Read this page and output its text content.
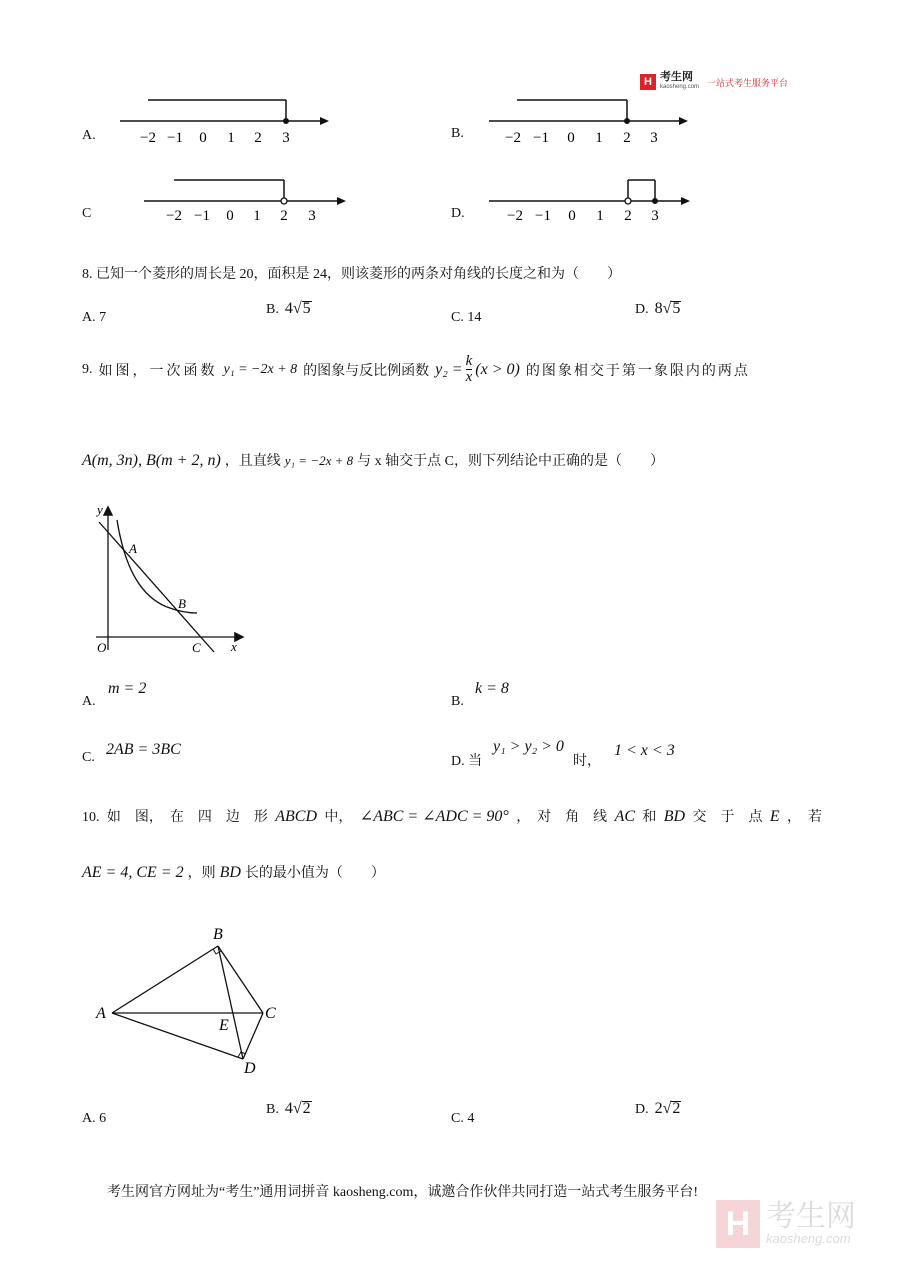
H 考生网
kaosheng.com 一站式考生服务平台
A.	−2 −1 0 1 2 3	B.	−2 −1 0 1 2 3
C	−2 −1 0 1 2 3	D.	−2 −1 0 1 2 3
8. 已知一个菱形的周长是 20，面积是 24，则该菱形的两条对角线的长度之和为（　　）
A. 7
B. 4√5
C. 14
D. 8√5
9. 如图，一次函数 y₁ = −2x + 8 的图象与反比例函数 $y_2 = \frac{k}{x} (x > 0)$ 的图象相交于第一象限内的两点
A(m, 3n), B(m + 2, n) ，且直线 y₁ = −2x + 8 与 x 轴交于点 C，则下列结论中正确的是（　　）
y
x
O
A
B
C
A.
m = 2
B.
k = 8
C. 2AB = 3BC
D. 当
y₁ > y₂ > 0
时，
1 < x < 3
10. 如　图，　在　四　边　形 ABCD 中， ∠ABC = ∠ADC = 90° ，　对　角　线 AC 和 BD 交　于　点 E ，　若
AE = 4, CE = 2 ，则 BD 长的最小值为（　　）
B
A	C
E
D
A. 6
B. 4√2
C. 4
D. 2√2
考生网官方网址为“考生”通用词拼音 kaosheng.com，诚邀合作伙伴共同打造一站式考生服务平台!
H 考生网
kaosheng.com
